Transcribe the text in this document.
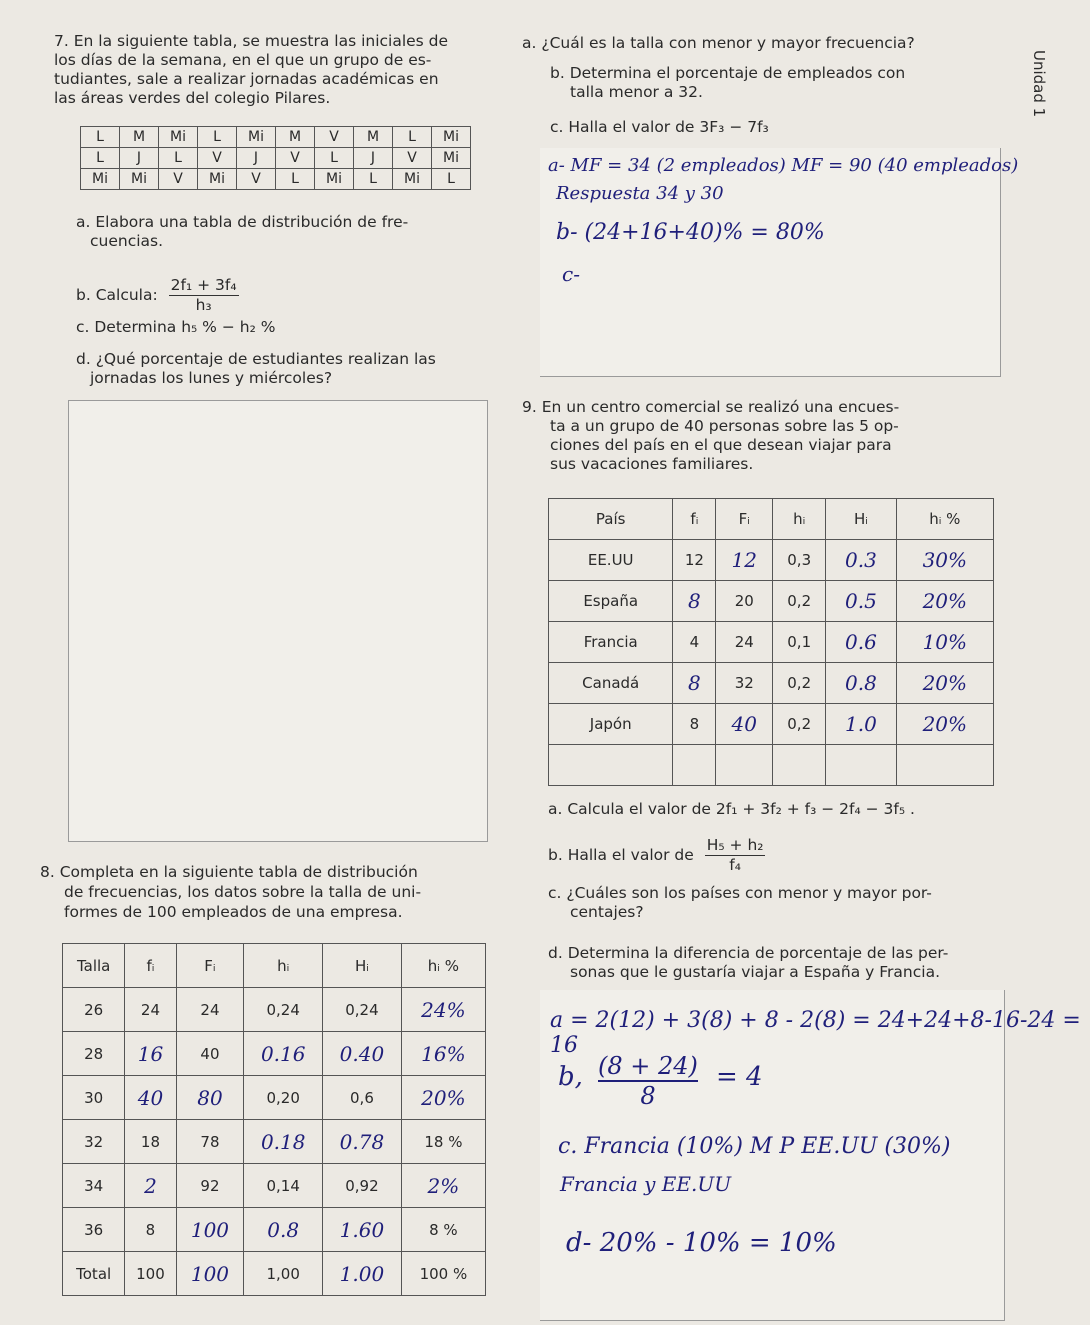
7. En la siguiente tabla, se muestra las iniciales de

los días de la semana, en el que un grupo de es-

tudiantes, sale a realizar jornadas académicas en

las áreas verdes del colegio Pilares.

L	M	Mi	L	Mi	M	V	M	L	Mi
L	J	L	V	J	V	L	J	V	Mi
Mi	Mi	V	Mi	V	L	Mi	L	Mi	L
a. Elabora una tabla de distribución de fre-
cuencias.
b. Calcula: $\frac{\text{2f₁ + 3f₄}}{\text{h₃}}$
c. Determina h₅ % − h₂ %
d. ¿Qué porcentaje de estudiantes realizan las
jornadas los lunes y miércoles?
a. ¿Cuál es la talla con menor y mayor frecuencia?
b. Determina el porcentaje de empleados con
talla menor a 32.
c. Halla el valor de 3F₃ − 7f₃
a- MF = 34 (2 empleados) MF = 90 (40 empleados)
Respuesta 34 y 30
b- (24+16+40)% = 80%
c-
Unidad 1
9. En un centro comercial se realizó una encues-
ta a un grupo de 40 personas sobre las 5 op-
ciones del país en el que desean viajar para
sus vacaciones familiares.
País	fᵢ	Fᵢ	hᵢ	Hᵢ	hᵢ %
EE.UU	12	12	0,3	0.3	30%
España	8	20	0,2	0.5	20%
Francia	4	24	0,1	0.6	10%
Canadá	8	32	0,2	0.8	20%
Japón	8	40	0,2	1.0	20%

a. Calcula el valor de 2f₁ + 3f₂ + f₃ − 2f₄ − 3f₅ .
b. Halla el valor de $\frac{\text{H₅ + h₂}}{\text{f₄}}$
c. ¿Cuáles son los países con menor y mayor por-
centajes?
d. Determina la diferencia de porcentaje de las per-
sonas que le gustaría viajar a España y Francia.
a = 2(12) + 3(8) + 8 - 2(8) = 24+24+8-16-24 = 16
b, $\frac{(8 + 24)}{8} = 4$
c. Francia (10%) M P EE.UU (30%)
Francia y EE.UU
d- 20% - 10% = 10%
8. Completa en la siguiente tabla de distribución
de frecuencias, los datos sobre la talla de uni-
formes de 100 empleados de una empresa.
Talla	fᵢ	Fᵢ	hᵢ	Hᵢ	hᵢ %
26	24	24	0,24	0,24	24%
28	16	40	0.16	0.40	16%
30	40	80	0,20	0,6	20%
32	18	78	0.18	0.78	18 %
34	2	92	0,14	0,92	2%
36	8	100	0.8	1.60	8 %
Total	100	100	1,00	1.00	100 %
